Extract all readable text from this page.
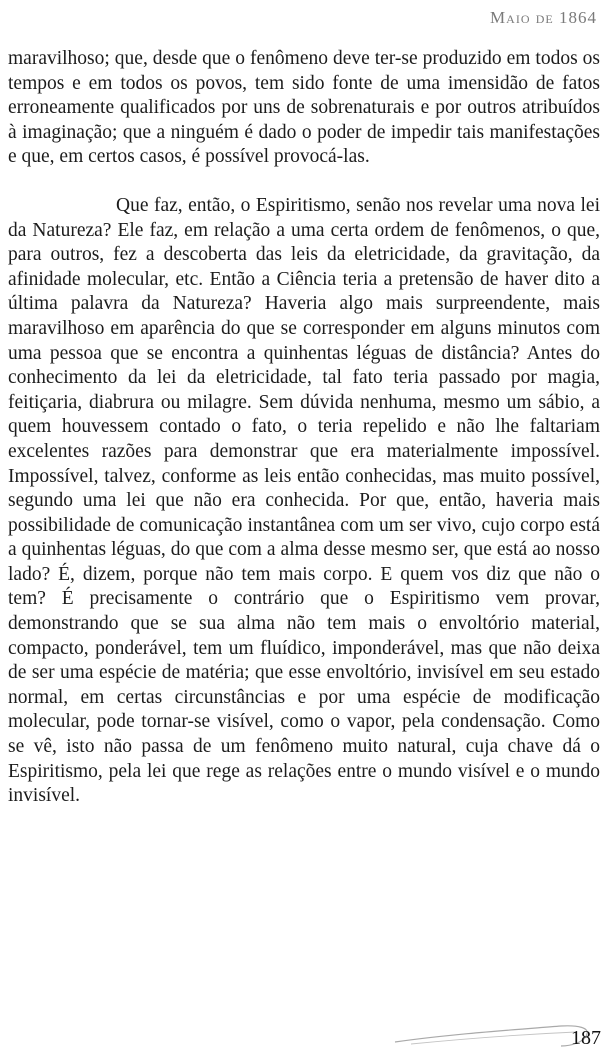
Maio de 1864

maravilhoso; que, desde que o fenômeno deve ter-se produzido em todos os tempos e em todos os povos, tem sido fonte de uma imensidão de fatos erroneamente qualificados por uns de sobrenaturais e por outros atribuídos à imaginação; que a ninguém é dado o poder de impedir tais manifestações e que, em certos casos, é possível provocá-las.

Que faz, então, o Espiritismo, senão nos revelar uma nova lei da Natureza? Ele faz, em relação a uma certa ordem de fenômenos, o que, para outros, fez a descoberta das leis da eletricidade, da gravitação, da afinidade molecular, etc. Então a Ciência teria a pretensão de haver dito a última palavra da Natureza? Haveria algo mais surpreendente, mais maravilhoso em aparência do que se corresponder em alguns minutos com uma pessoa que se encontra a quinhentas léguas de distância? Antes do conhecimento da lei da eletricidade, tal fato teria passado por magia, feitiçaria, diabrura ou milagre. Sem dúvida nenhuma, mesmo um sábio, a quem houvessem contado o fato, o teria repelido e não lhe faltariam excelentes razões para demonstrar que era materialmente impossível. Impossível, talvez, conforme as leis então conhecidas, mas muito possível, segundo uma lei que não era conhecida. Por que, então, haveria mais possibilidade de comunicação instantânea com um ser vivo, cujo corpo está a quinhentas léguas, do que com a alma desse mesmo ser, que está ao nosso lado? É, dizem, porque não tem mais corpo. E quem vos diz que não o tem? É precisamente o contrário que o Espiritismo vem provar, demonstrando que se sua alma não tem mais o envoltório material, compacto, ponderável, tem um fluídico, imponderável, mas que não deixa de ser uma espécie de matéria; que esse envoltório, invisível em seu estado normal, em certas circunstâncias e por uma espécie de modificação molecular, pode tornar-se visível, como o vapor, pela condensação. Como se vê, isto não passa de um fenômeno muito natural, cuja chave dá o Espiritismo, pela lei que rege as relações entre o mundo visível e o mundo invisível.

187
